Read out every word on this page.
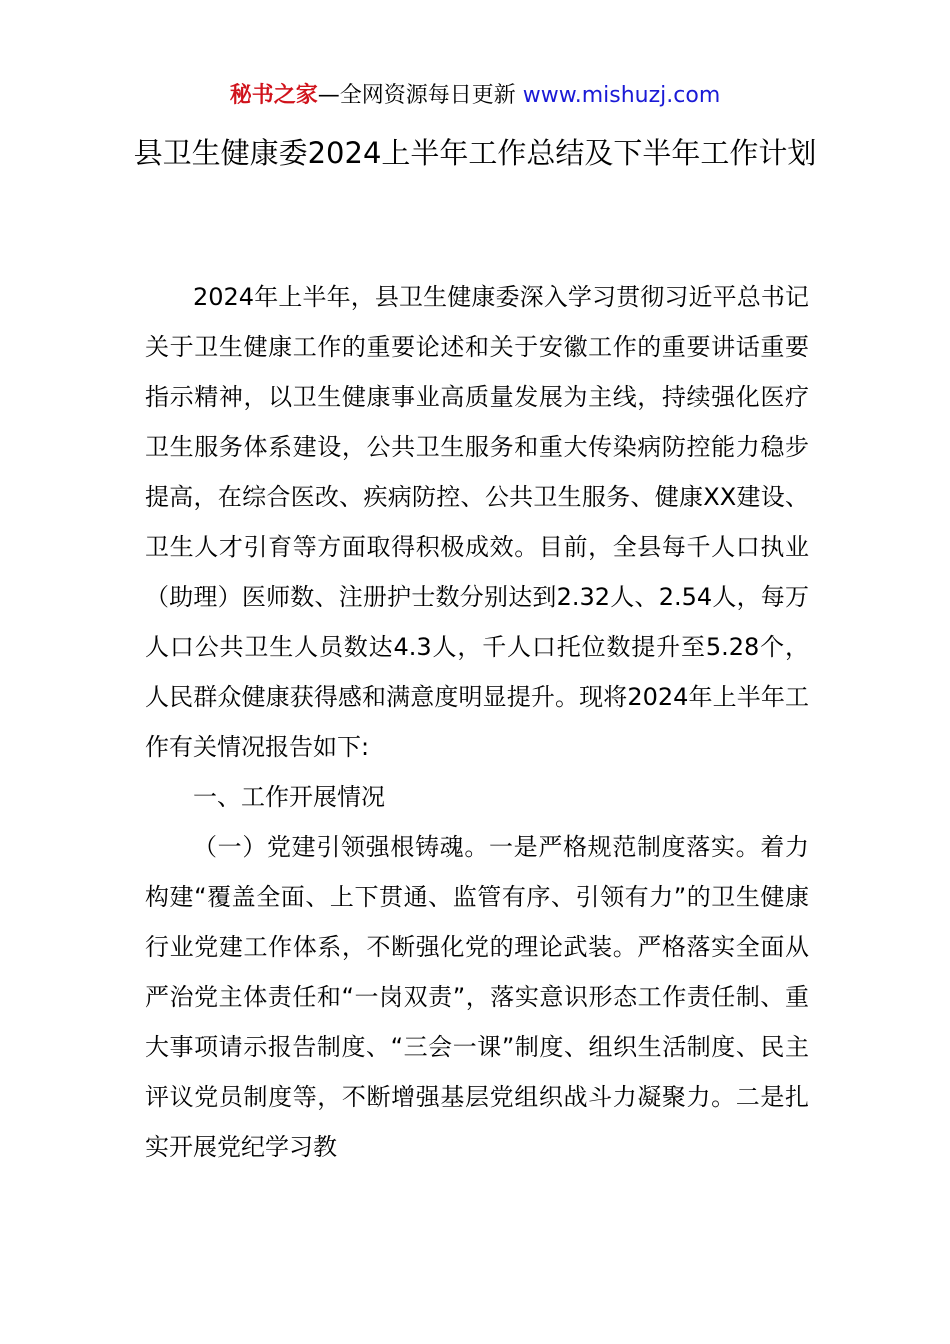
秘书之家—全网资源每日更新 www.mishuzj.com
县卫生健康委2024上半年工作总结及下半年工作计划

2024年上半年，县卫生健康委深入学习贯彻习近平总书记关于卫生健康工作的重要论述和关于安徽工作的重要讲话重要指示精神，以卫生健康事业高质量发展为主线，持续强化医疗卫生服务体系建设，公共卫生服务和重大传染病防控能力稳步提高，在综合医改、疾病防控、公共卫生服务、健康XX建设、卫生人才引育等方面取得积极成效。目前，全县每千人口执业（助理）医师数、注册护士数分别达到2.32人、2.54人，每万人口公共卫生人员数达4.3人，千人口托位数提升至5.28个，人民群众健康获得感和满意度明显提升。现将2024年上半年工作有关情况报告如下:

一、工作开展情况

（一）党建引领强根铸魂。一是严格规范制度落实。着力构建“覆盖全面、上下贯通、监管有序、引领有力”的卫生健康行业党建工作体系，不断强化党的理论武装。严格落实全面从严治党主体责任和“一岗双责”，落实意识形态工作责任制、重大事项请示报告制度、“三会一课”制度、组织生活制度、民主评议党员制度等，不断增强基层党组织战斗力凝聚力。二是扎实开展党纪学习教
